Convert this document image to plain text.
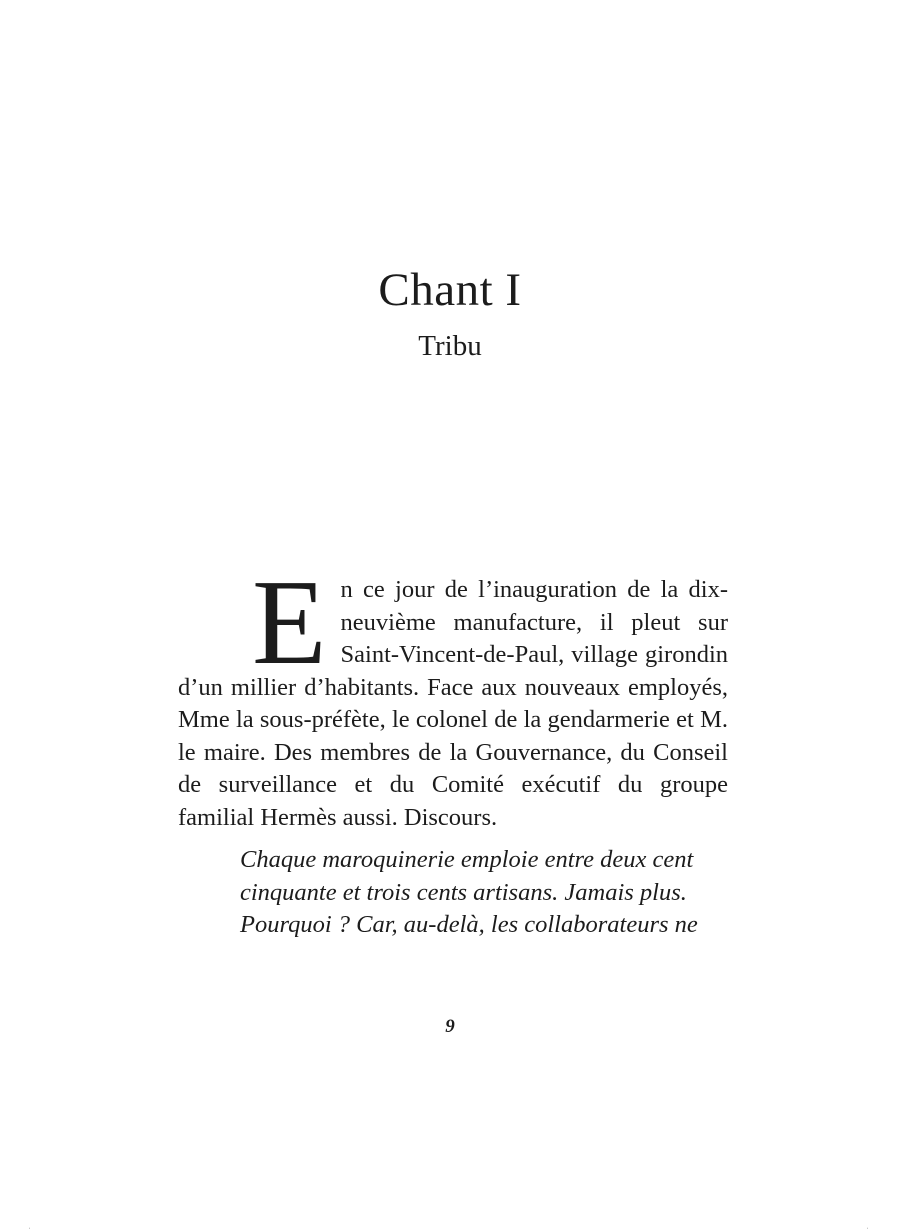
Chant I
Tribu

En ce jour de l’inauguration de la dix-neuvième manufacture, il pleut sur Saint-Vincent-de-Paul, village girondin d’un millier d’habitants. Face aux nouveaux employés, Mme la sous-préfète, le colonel de la gendarmerie et M. le maire. Des membres de la Gouvernance, du Conseil de surveillance et du Comité exécutif du groupe familial Hermès aussi. Discours.

Chaque maroquinerie emploie entre deux cent
cinquante et trois cents artisans. Jamais plus.
Pourquoi ? Car, au-delà, les collaborateurs ne
9
ˌ	ˌ
